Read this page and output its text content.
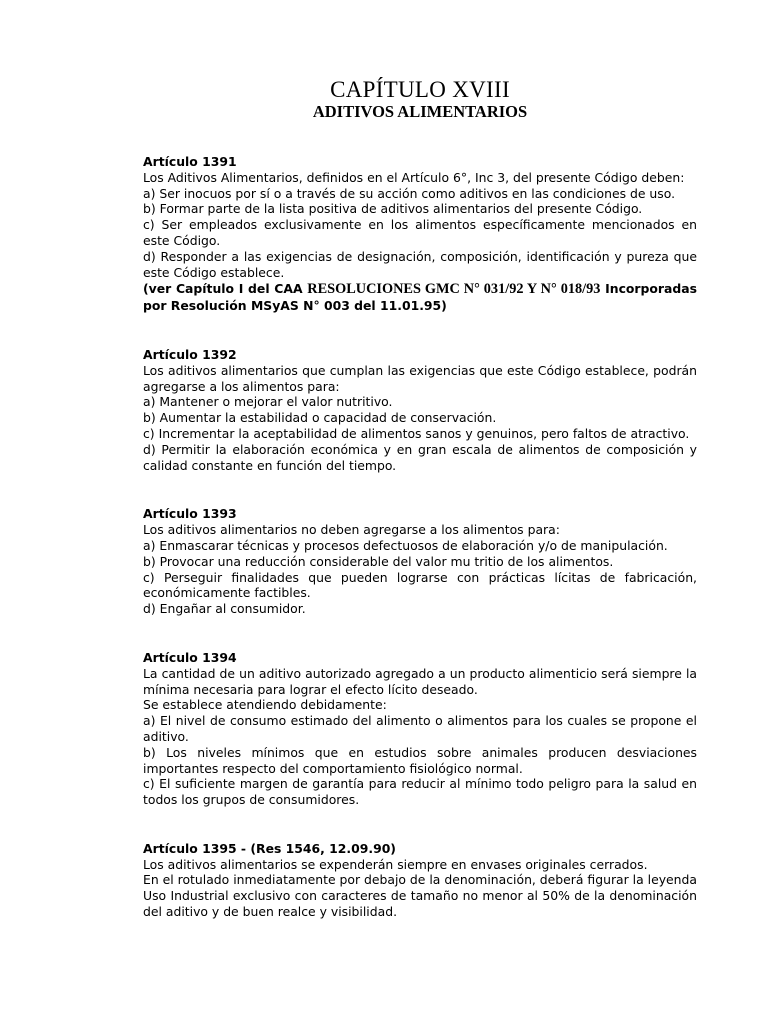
CAPÍTULO XVIII
ADITIVOS ALIMENTARIOS
Artículo 1391

Los Aditivos Alimentarios, definidos en el Artículo 6°, Inc 3, del presente Código deben:

a) Ser inocuos por sí o a través de su acción como aditivos en las condiciones de uso.

b) Formar parte de la lista positiva de aditivos alimentarios del presente Código.

c) Ser empleados exclusivamente en los alimentos específicamente mencionados en este Código.

d) Responder a las exigencias de designación, composición, identificación y pureza que este Código establece.

(ver Capítulo I del CAA RESOLUCIONES GMC N° 031/92 Y N° 018/93 Incorporadas por Resolución MSyAS N° 003 del 11.01.95)
Artículo 1392

Los aditivos alimentarios que cumplan las exigencias que este Código establece, podrán agregarse a los alimentos para:

a) Mantener o mejorar el valor nutritivo.

b) Aumentar la estabilidad o capacidad de conservación.

c) Incrementar la aceptabilidad de alimentos sanos y genuinos, pero faltos de atractivo.

d) Permitir la elaboración económica y en gran escala de alimentos de composición y calidad constante en función del tiempo.

Artículo 1393

Los aditivos alimentarios no deben agregarse a los alimentos para:

a) Enmascarar técnicas y procesos defectuosos de elaboración y/o de manipulación.

b) Provocar una reducción considerable del valor mu tritio de los alimentos.

c) Perseguir finalidades que pueden lograrse con prácticas lícitas de fabricación, económicamente factibles.

d) Engañar al consumidor.

Artículo 1394

La cantidad de un aditivo autorizado agregado a un producto alimenticio será siempre la mínima necesaria para lograr el efecto lícito deseado.

Se establece atendiendo debidamente:

a) El nivel de consumo estimado del alimento o alimentos para los cuales se propone el aditivo.

b) Los niveles mínimos que en estudios sobre animales producen desviaciones importantes respecto del comportamiento fisiológico normal.

c) El suficiente margen de garantía para reducir al mínimo todo peligro para la salud en todos los grupos de consumidores.

Artículo 1395 - (Res 1546, 12.09.90)

Los aditivos alimentarios se expenderán siempre en envases originales cerrados.

En el rotulado inmediatamente por debajo de la denominación, deberá figurar la leyenda Uso Industrial exclusivo con caracteres de tamaño no menor al 50% de la denominación del aditivo y de buen realce y visibilidad.
